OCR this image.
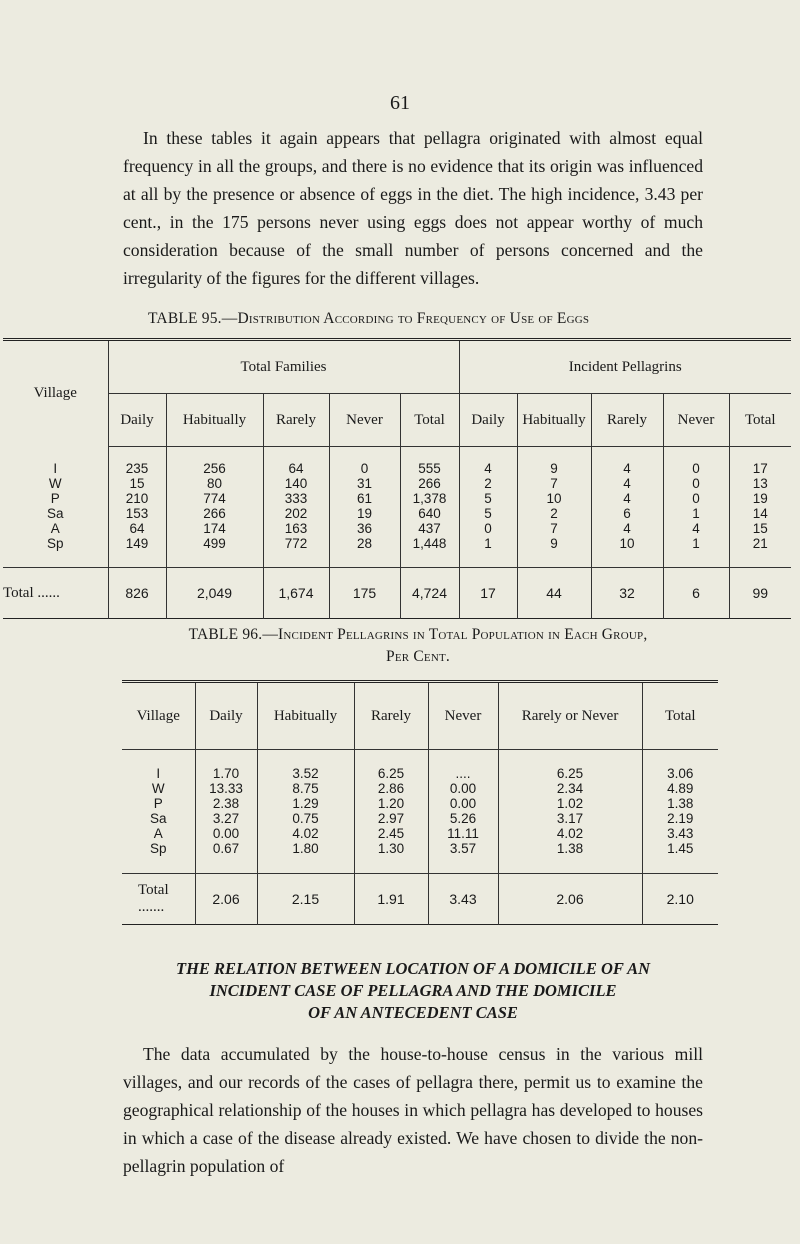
61

In these tables it again appears that pellagra originated with almost equal frequency in all the groups, and there is no evidence that its origin was influenced at all by the presence or absence of eggs in the diet. The high incidence, 3.43 per cent., in the 175 persons never using eggs does not appear worthy of much consideration because of the small number of persons concerned and the irregularity of the figures for the different villages.

TABLE 95.—Distribution According to Frequency of Use of Eggs

Village	Total Families					Incident Pellagrins				
	Daily	Habitually	Rarely	Never	Total	Daily	Habitually	Rarely	Never	Total
I	235	256	64	0	555	4	9	4	0	17
W	15	80	140	31	266	2	7	4	0	13
P	210	774	333	61	1,378	5	10	4	0	19
Sa	153	266	202	19	640	5	2	6	1	14
A	64	174	163	36	437	0	7	4	4	15
Sp	149	499	772	28	1,448	1	9	10	1	21
Total ......	826	2,049	1,674	175	4,724	17	44	32	6	99
TABLE 96.—Incident Pellagrins in Total Population in Each Group,
Per Cent.
Village	Daily	Habitually	Rarely	Never	Rarely or Never	Total
I	1.70	3.52	6.25	....	6.25	3.06
W	13.33	8.75	2.86	0.00	2.34	4.89
P	2.38	1.29	1.20	0.00	1.02	1.38
Sa	3.27	0.75	2.97	5.26	3.17	2.19
A	0.00	4.02	2.45	11.11	4.02	3.43
Sp	0.67	1.80	1.30	3.57	1.38	1.45
Total .......	2.06	2.15	1.91	3.43	2.06	2.10
THE RELATION BETWEEN LOCATION OF A DOMICILE OF AN
INCIDENT CASE OF PELLAGRA AND THE DOMICILE
OF AN ANTECEDENT CASE

The data accumulated by the house-to-house census in the various mill villages, and our records of the cases of pellagra there, permit us to examine the geographical relationship of the houses in which pellagra has developed to houses in which a case of the disease already existed. We have chosen to divide the non-pellagrin population of
